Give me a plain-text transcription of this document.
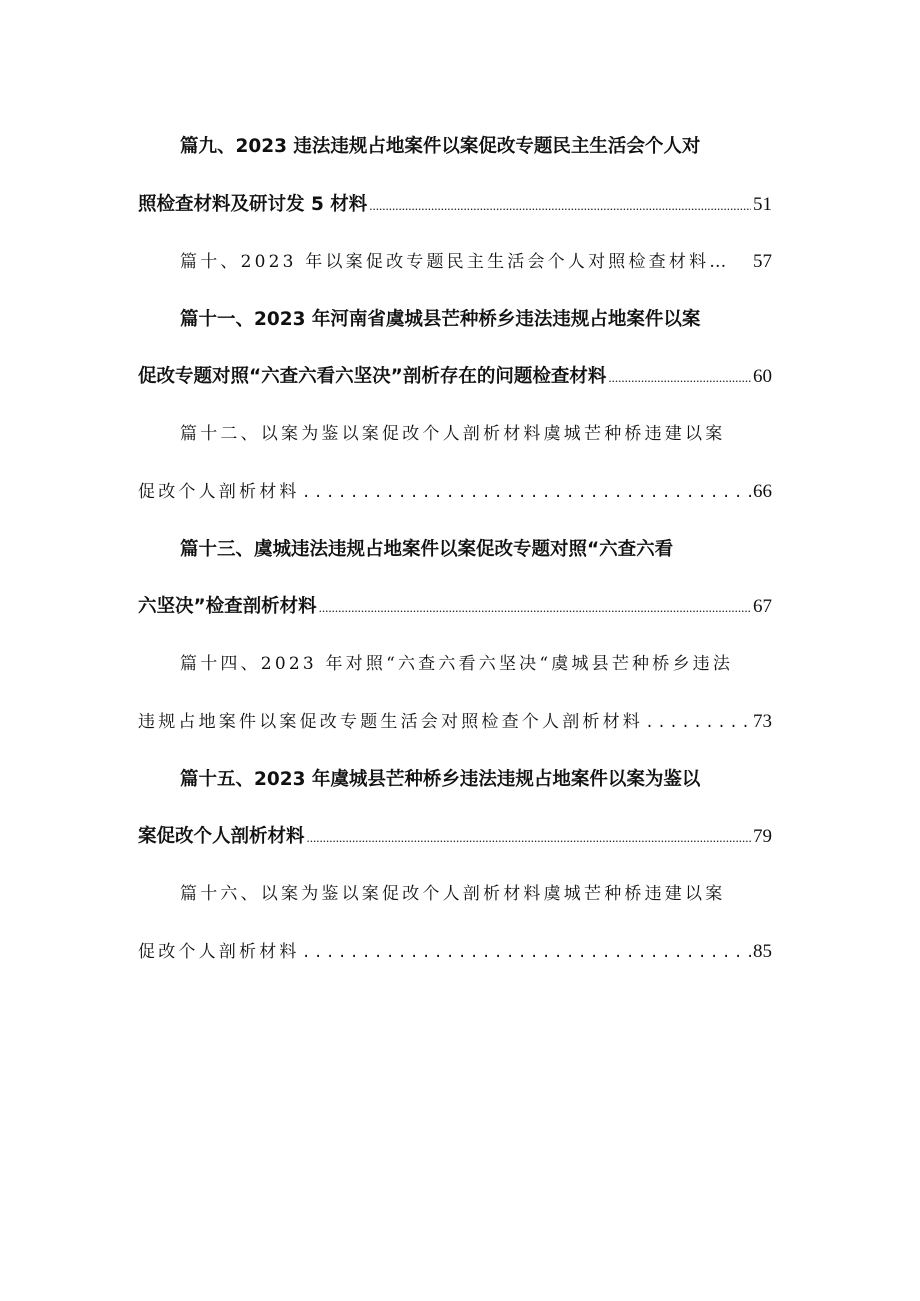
篇九、2023 违法违规占地案件以案促改专题民主生活会个人对
照检查材料及研讨发 5 材料 .....	51
篇十、2023 年以案促改专题民主生活会个人对照检查材料…	57
篇十一、2023 年河南省虞城县芒种桥乡违法违规占地案件以案
促改专题对照“六查六看六坚决”剖析存在的问题检查材料 .....	60
篇十二、以案为鉴以案促改个人剖析材料虞城芒种桥违建以案
促改个人剖析材料 .....	66
篇十三、虞城违法违规占地案件以案促改专题对照“六查六看
六坚决”检查剖析材料 .....	67
篇十四、2023 年对照“六查六看六坚决“虞城县芒种桥乡违法
违规占地案件以案促改专题生活会对照检查个人剖析材料 .....	73
篇十五、2023 年虞城县芒种桥乡违法违规占地案件以案为鉴以
案促改个人剖析材料 .....	79
篇十六、以案为鉴以案促改个人剖析材料虞城芒种桥违建以案
促改个人剖析材料 .....	85
